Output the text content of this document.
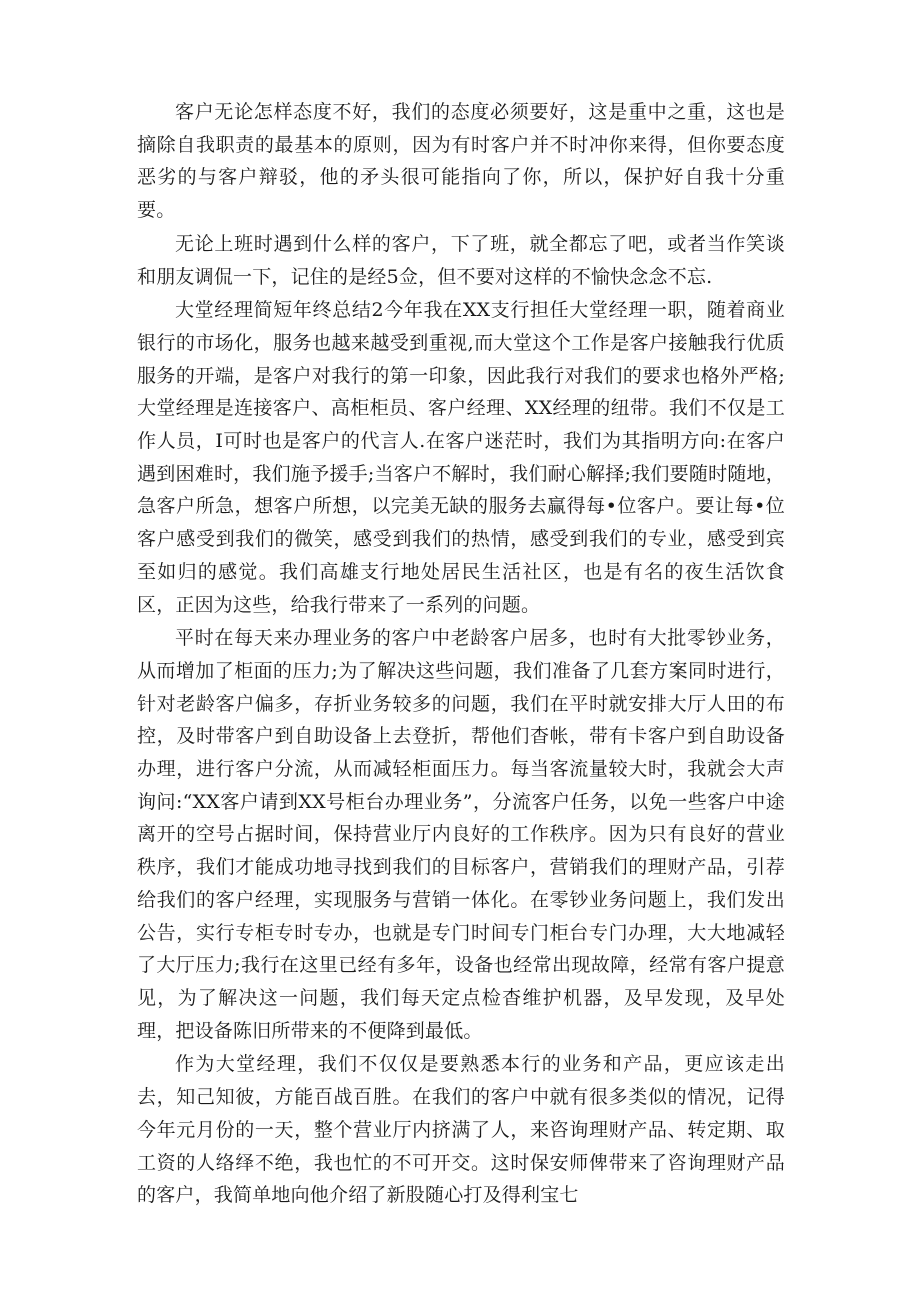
客户无论怎样态度不好，我们的态度必须要好，这是重中之重，这也是摘除自我职责的最基本的原则，因为有时客户并不时冲你来得，但你要态度恶劣的与客户辩驳，他的矛头很可能指向了你，所以，保护好自我十分重要。

无论上班时遇到什么样的客户，下了班，就全都忘了吧，或者当作笑谈和朋友调侃一下，记住的是经5佥，但不要对这样的不愉快念念不忘.

大堂经理简短年终总结2今年我在XX支行担任大堂经理一职，随着商业银行的市场化，服务也越来越受到重视,而大堂这个工作是客户接触我行优质服务的开端，是客户对我行的第一印象，因此我行对我们的要求也格外严格;大堂经理是连接客户、高柜柜员、客户经理、XX经理的纽带。我们不仅是工作人员，I可时也是客户的代言人.在客户迷茫时，我们为其指明方向:在客户遇到困难时，我们施予援手;当客户不解时，我们耐心解择;我们要随时随地，急客户所急，想客户所想，以完美无缺的服务去赢得每•位客户。要让每•位客户感受到我们的微笑，感受到我们的热情，感受到我们的专业，感受到宾至如归的感觉。我们高雄支行地处居民生活社区，也是有名的夜生活饮食区，正因为这些，给我行带来了一系列的问题。

平时在每天来办理业务的客户中老龄客户居多，也时有大批零钞业务，从而增加了柜面的压力;为了解决这些问题，我们准备了几套方案同时进行，针对老龄客户偏多，存折业务较多的问题，我们在平时就安排大厅人田的布控，及时带客户到自助设备上去登折，帮他们杳帐，带有卡客户到自助设备办理，进行客户分流，从而减轻柜面压力。每当客流量较大时，我就会大声询问:“XX客户请到XX号柜台办理业务”，分流客户任务，以免一些客户中途离开的空号占据时间，保持营业厅内良好的工作秩序。因为只有良好的营业秩序，我们才能成功地寻找到我们的目标客户，营销我们的理财产品，引荐给我们的客户经理，实现服务与营销一体化。在零钞业务问题上，我们发出公告，实行专柜专时专办，也就是专门时间专门柜台专门办理，大大地减轻了大厅压力;我行在这里已经有多年，设备也经常出现故障，经常有客户提意见，为了解决这一问题，我们每天定点检杳维护机器，及早发现，及早处理，把设备陈旧所带来的不便降到最低。

作为大堂经理，我们不仅仅是要熟悉本行的业务和产品，更应该走出去，知己知彼，方能百战百胜。在我们的客户中就有很多类似的情况，记得今年元月份的一天，整个营业厅内挤满了人，来咨询理财产品、转定期、取工资的人络绎不绝，我也忙的不可开交。这时保安师俾带来了咨询理财产品的客户，我简单地向他介绍了新股随心打及得利宝七
